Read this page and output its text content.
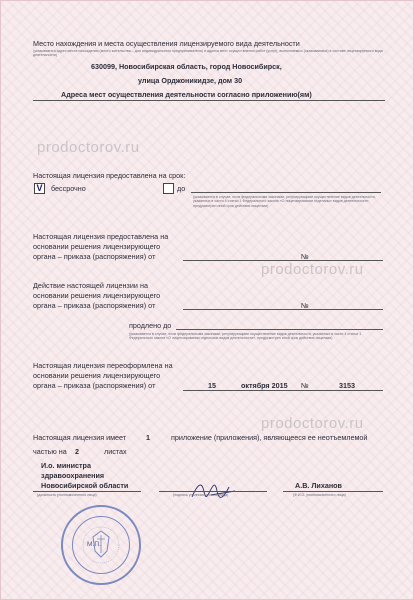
Место нахождения и места осуществления лицензируемого вида деятельности
(указываются адрес места нахождения (место жительства – для индивидуального предпринимателя) и адреса мест осуществления работ (услуг), выполняемых (оказываемых) в составе лицензируемого вида деятельности)
630099, Новосибирская область, город Новосибирск,
улица Орджоникидзе, дом 30
Адреса мест осуществления деятельности согласно приложению(ям)
prodoctorov.ru
Настоящая лицензия предоставлена на срок:
V	бессрочно	до
(указывается в случае, если федеральными законами, регулирующими осуществление видов деятельности, указанных в части 4 статьи 1 Федерального закона «О лицензировании отдельных видов деятельности», предусмотрен иной срок действия лицензии)
Настоящая лицензия предоставлена на
основании решения лицензирующего
органа – приказа (распоряжения) от	№
prodoctorov.ru
Действие настоящей лицензии на
основании решения лицензирующего
органа – приказа (распоряжения) от	№
продлено до
(указывается в случае, если федеральными законами, регулирующими осуществление видов деятельности, указанных в части 4 статьи 1 Федерального закона «О лицензировании отдельных видов деятельности», предусмотрен иной срок действия лицензии)
Настоящая лицензия переоформлена на
основании решения лицензирующего
органа – приказа (распоряжения) от	15	октября 2015 №	3153
prodoctorov.ru
Настоящая лицензия имеет	1	приложение (приложения), являющееся ее неотъемлемой
частью на 2	листах
И.о. министра
здравоохранения
Новосибирской области
(должность уполномоченного лица)	(подпись уполномоченного лица)
А.В. Лиханов
(Ф.И.О. уполномоченного лица)
М.П.
